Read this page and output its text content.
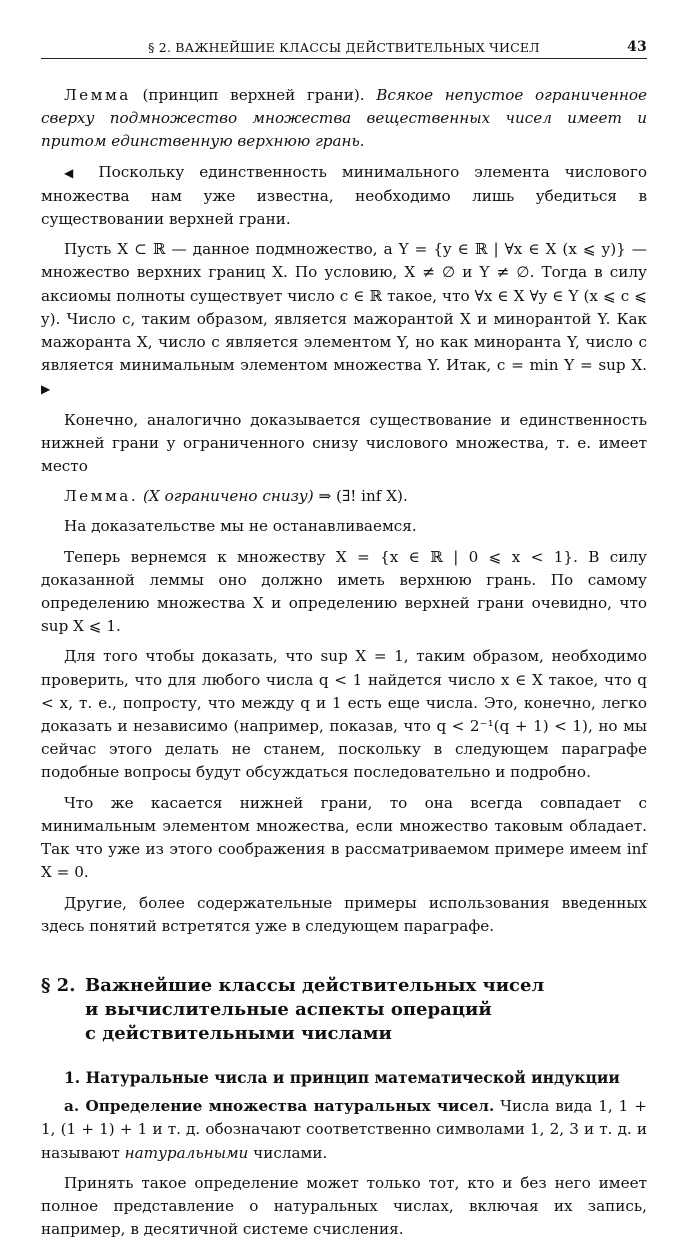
§ 2. ВАЖНЕЙШИЕ КЛАССЫ ДЕЙСТВИТЕЛЬНЫХ ЧИСЕЛ	43

Лемма (принцип верхней грани). Всякое непустое ограниченное сверху подмножество множества вещественных чисел имеет и притом единственную верхнюю грань.

◀ Поскольку единственность минимального элемента числового множества нам уже известна, необходимо лишь убедиться в существовании верхней грани.

Пусть X ⊂ ℝ — данное подмножество, а Y = {y ∈ ℝ | ∀x ∈ X (x ⩽ y)} — множество верхних границ X. По условию, X ≠ ∅ и Y ≠ ∅. Тогда в силу аксиомы полноты существует число c ∈ ℝ такое, что ∀x ∈ X ∀y ∈ Y (x ⩽ c ⩽ y). Число c, таким образом, является мажорантой X и минорантой Y. Как мажоранта X, число c является элементом Y, но как миноранта Y, число c является минимальным элементом множества Y. Итак, c = min Y = sup X. ▶

Конечно, аналогично доказывается существование и единственность нижней грани у ограниченного снизу числового множества, т. е. имеет место

Лемма. (X ограничено снизу) ⇒ (∃! inf X).

На доказательстве мы не останавливаемся.

Теперь вернемся к множеству X = {x ∈ ℝ | 0 ⩽ x < 1}. В силу доказанной леммы оно должно иметь верхнюю грань. По самому определению множества X и определению верхней грани очевидно, что sup X ⩽ 1.

Для того чтобы доказать, что sup X = 1, таким образом, необходимо проверить, что для любого числа q < 1 найдется число x ∈ X такое, что q < x, т. е., попросту, что между q и 1 есть еще числа. Это, конечно, легко доказать и независимо (например, показав, что q < 2⁻¹(q + 1) < 1), но мы сейчас этого делать не станем, поскольку в следующем параграфе подобные вопросы будут обсуждаться последовательно и подробно.

Что же касается нижней грани, то она всегда совпадает с минимальным элементом множества, если множество таковым обладает. Так что уже из этого соображения в рассматриваемом примере имеем inf X = 0.

Другие, более содержательные примеры использования введенных здесь понятий встретятся уже в следующем параграфе.

§ 2. Важнейшие классы действительных чисел
и вычислительные аспекты операций
с действительными числами
1. Натуральные числа и принцип математической индукции

a. Определение множества натуральных чисел. Числа вида 1, 1 + 1, (1 + 1) + 1 и т. д. обозначают соответственно символами 1, 2, 3 и т. д. и называют натуральными числами.

Принять такое определение может только тот, кто и без него имеет полное представление о натуральных числах, включая их запись, например, в десятичной системе счисления.
